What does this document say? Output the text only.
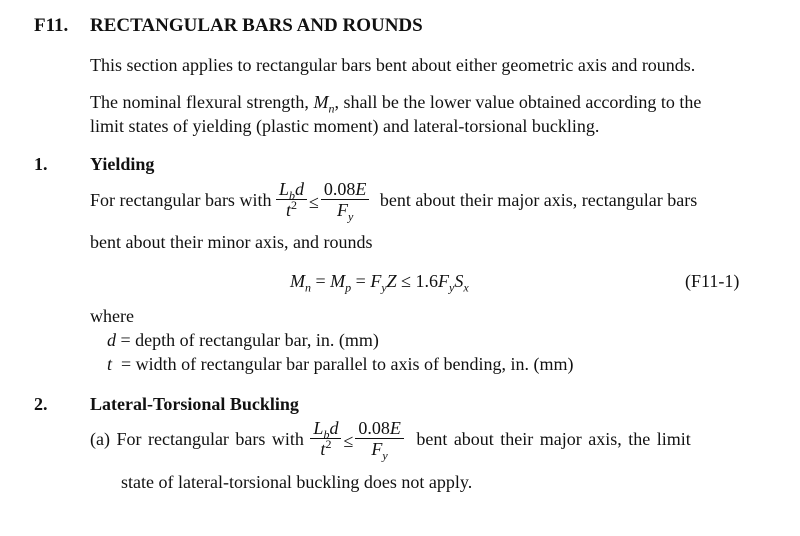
F11. RECTANGULAR BARS AND ROUNDS
This section applies to rectangular bars bent about either geometric axis and rounds.
The nominal flexural strength, $M_n$, shall be the lower value obtained according to the
limit states of yielding (plastic moment) and lateral-torsional buckling.
1. Yielding
For rectangular bars with $\frac{L_bd}{t^2} \le \frac{0.08E}{F_y}$ bent about their major axis, rectangular bars
bent about their minor axis, and rounds
$M_n = M_p = F_yZ \le 1.6F_yS_x$	(F11-1)
where
d = depth of rectangular bar, in. (mm)
t = width of rectangular bar parallel to axis of bending, in. (mm)
2. Lateral-Torsional Buckling
(a) For rectangular bars with $\frac{L_bd}{t^2} \le \frac{0.08E}{F_y}$ bent about their major axis, the limit
state of lateral-torsional buckling does not apply.
